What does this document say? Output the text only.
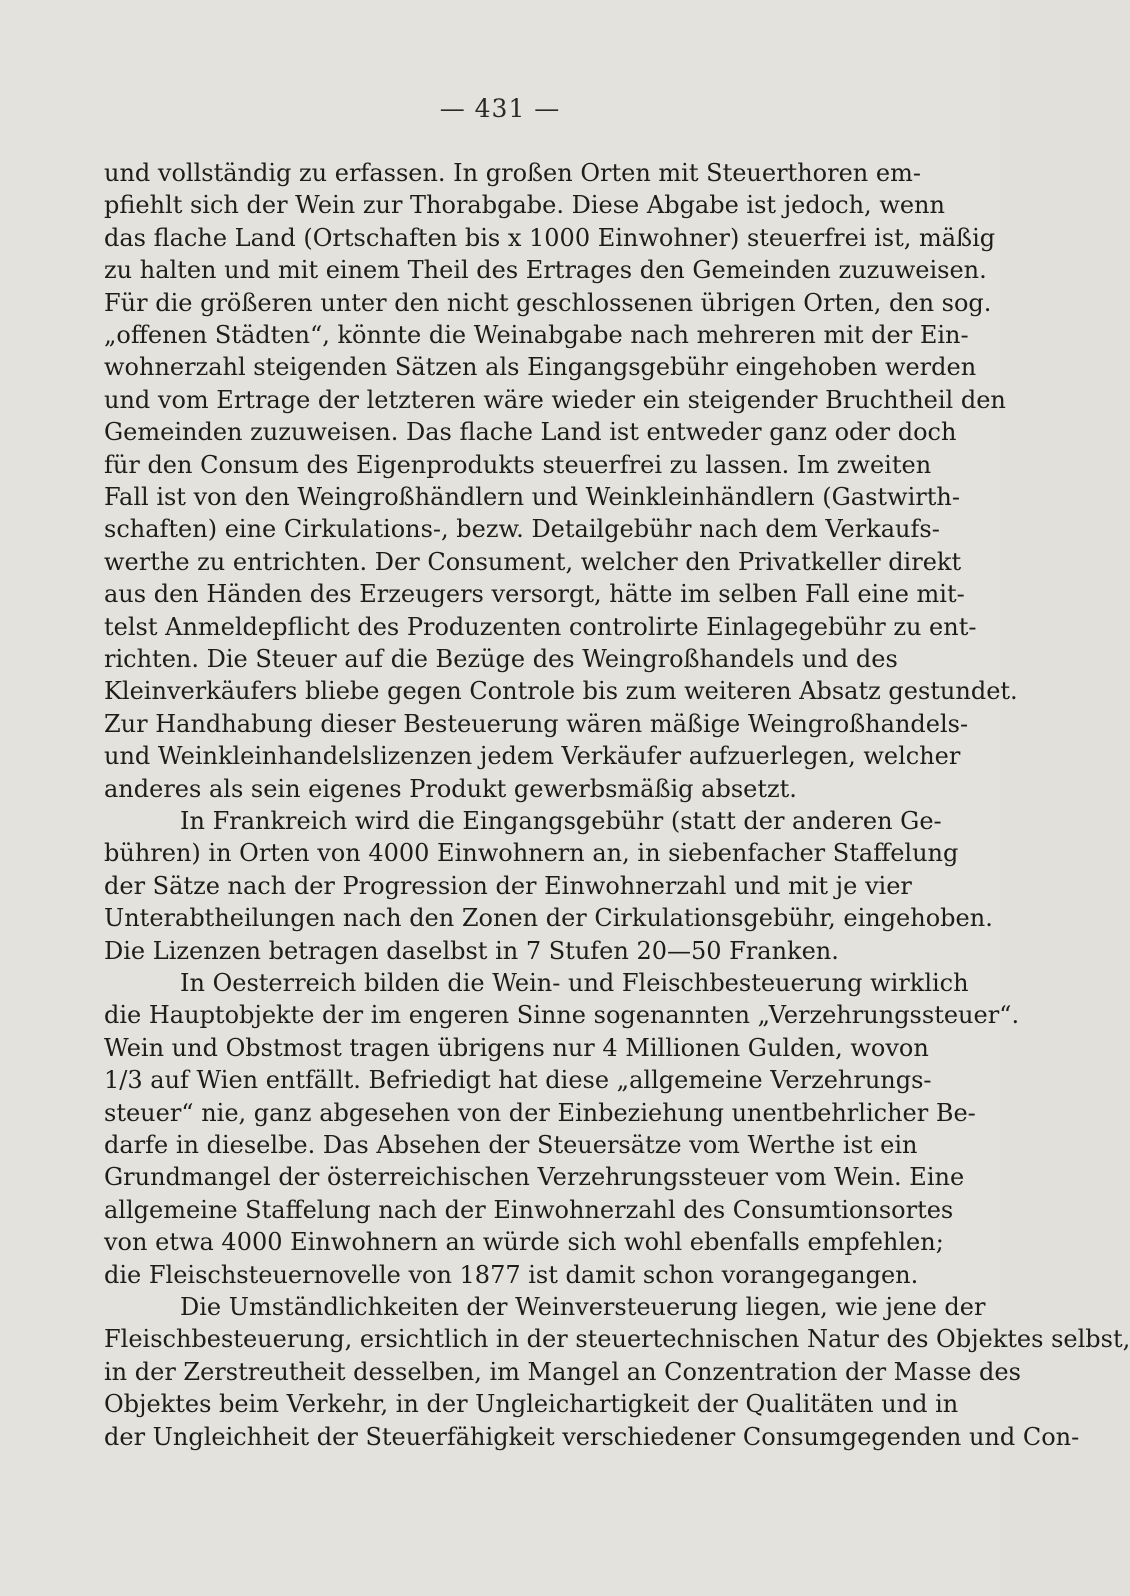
— 431 —
und vollständig zu erfassen. In großen Orten mit Steuerthoren em-
pfiehlt sich der Wein zur Thorabgabe. Diese Abgabe ist jedoch, wenn
das flache Land (Ortschaften bis x 1000 Einwohner) steuerfrei ist, mäßig
zu halten und mit einem Theil des Ertrages den Gemeinden zuzuweisen.
Für die größeren unter den nicht geschlossenen übrigen Orten, den sog.
„offenen Städten“, könnte die Weinabgabe nach mehreren mit der Ein-
wohnerzahl steigenden Sätzen als Eingangsgebühr eingehoben werden
und vom Ertrage der letzteren wäre wieder ein steigender Bruchtheil den
Gemeinden zuzuweisen. Das flache Land ist entweder ganz oder doch
für den Consum des Eigenprodukts steuerfrei zu lassen. Im zweiten
Fall ist von den Weingroßhändlern und Weinkleinhändlern (Gastwirth-
schaften) eine Cirkulations-, bezw. Detailgebühr nach dem Verkaufs-
werthe zu entrichten. Der Consument, welcher den Privatkeller direkt
aus den Händen des Erzeugers versorgt, hätte im selben Fall eine mit-
telst Anmeldepflicht des Produzenten controlirte Einlagegebühr zu ent-
richten. Die Steuer auf die Bezüge des Weingroßhandels und des
Kleinverkäufers bliebe gegen Controle bis zum weiteren Absatz gestundet.
Zur Handhabung dieser Besteuerung wären mäßige Weingroßhandels-
und Weinkleinhandelslizenzen jedem Verkäufer aufzuerlegen, welcher
anderes als sein eigenes Produkt gewerbsmäßig absetzt.
In Frankreich wird die Eingangsgebühr (statt der anderen Ge-
bühren) in Orten von 4000 Einwohnern an, in siebenfacher Staffelung
der Sätze nach der Progression der Einwohnerzahl und mit je vier
Unterabtheilungen nach den Zonen der Cirkulationsgebühr, eingehoben.
Die Lizenzen betragen daselbst in 7 Stufen 20—50 Franken.
In Oesterreich bilden die Wein- und Fleischbesteuerung wirklich
die Hauptobjekte der im engeren Sinne sogenannten „Verzehrungssteuer“.
Wein und Obstmost tragen übrigens nur 4 Millionen Gulden, wovon
1/3 auf Wien entfällt. Befriedigt hat diese „allgemeine Verzehrungs-
steuer“ nie, ganz abgesehen von der Einbeziehung unentbehrlicher Be-
darfe in dieselbe. Das Absehen der Steuersätze vom Werthe ist ein
Grundmangel der österreichischen Verzehrungssteuer vom Wein. Eine
allgemeine Staffelung nach der Einwohnerzahl des Consumtionsortes
von etwa 4000 Einwohnern an würde sich wohl ebenfalls empfehlen;
die Fleischsteuernovelle von 1877 ist damit schon vorangegangen.
Die Umständlichkeiten der Weinversteuerung liegen, wie jene der
Fleischbesteuerung, ersichtlich in der steuertechnischen Natur des Objektes selbst,
in der Zerstreutheit desselben, im Mangel an Conzentration der Masse des
Objektes beim Verkehr, in der Ungleichartigkeit der Qualitäten und in
der Ungleichheit der Steuerfähigkeit verschiedener Consumgegenden und Con-
